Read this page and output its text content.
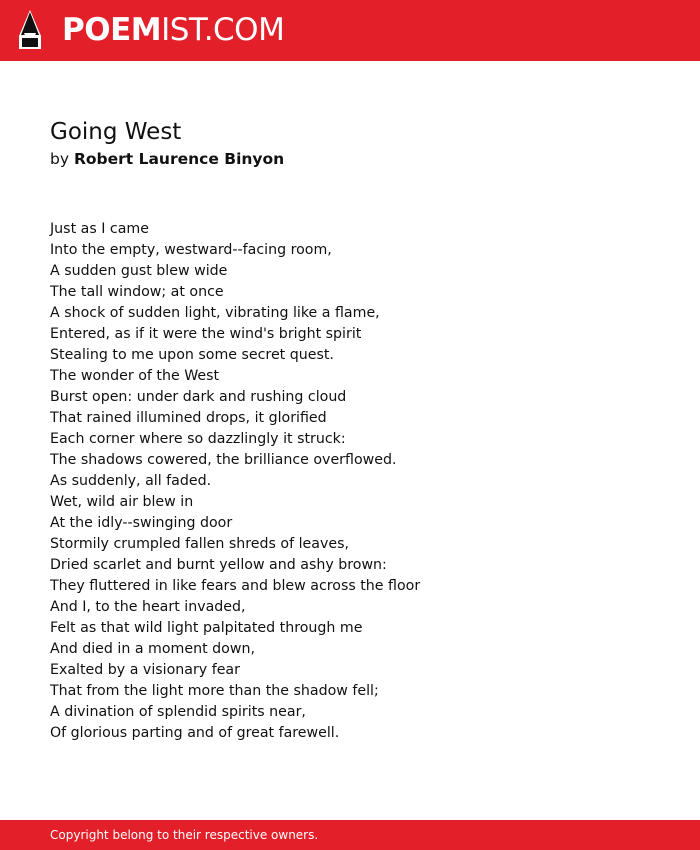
POEMIST.COM
Going West
by Robert Laurence Binyon
Just as I came
Into the empty, westward--facing room,
A sudden gust blew wide
The tall window; at once
A shock of sudden light, vibrating like a flame,
Entered, as if it were the wind's bright spirit
Stealing to me upon some secret quest.
The wonder of the West
Burst open: under dark and rushing cloud
That rained illumined drops, it glorified
Each corner where so dazzlingly it struck:
The shadows cowered, the brilliance overflowed.
As suddenly, all faded.
Wet, wild air blew in
At the idly--swinging door
Stormily crumpled fallen shreds of leaves,
Dried scarlet and burnt yellow and ashy brown:
They fluttered in like fears and blew across the floor
And I, to the heart invaded,
Felt as that wild light palpitated through me
And died in a moment down,
Exalted by a visionary fear
That from the light more than the shadow fell;
A divination of splendid spirits near,
Of glorious parting and of great farewell.
Copyright belong to their respective owners.
